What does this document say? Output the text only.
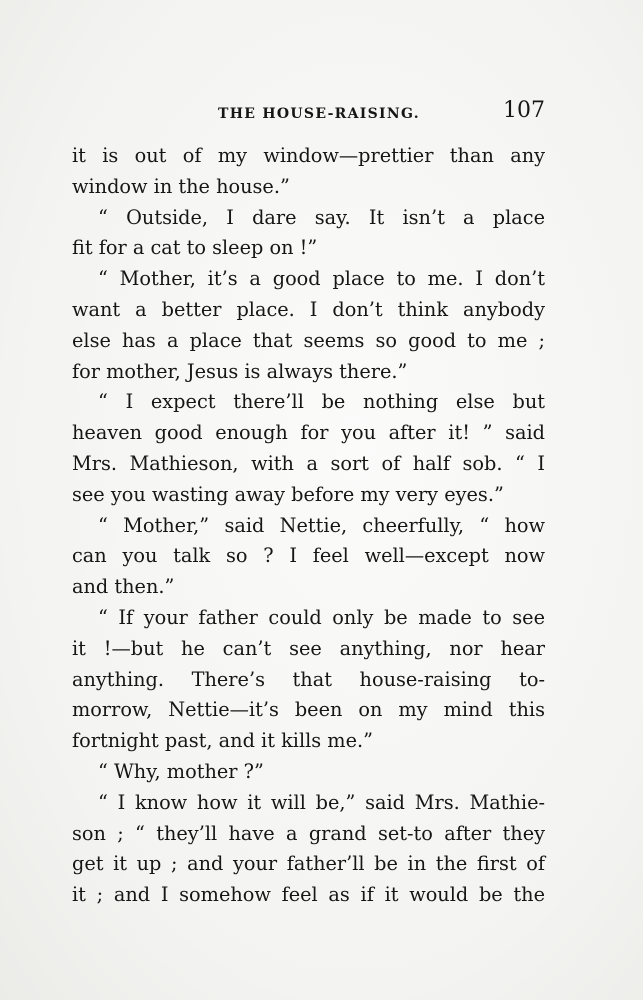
THE HOUSE-RAISING.	107
it is out of my window—prettier than any
window in the house.”
“ Outside, I dare say. It isn’t a place
fit for a cat to sleep on !”
“ Mother, it’s a good place to me. I don’t
want a better place. I don’t think anybody
else has a place that seems so good to me ;
for mother, Jesus is always there.”
“ I expect there’ll be nothing else but
heaven good enough for you after it! ” said
Mrs. Mathieson, with a sort of half sob. “ I
see you wasting away before my very eyes.”
“ Mother,” said Nettie, cheerfully, “ how
can you talk so ? I feel well—except now
and then.”
“ If your father could only be made to see
it !—but he can’t see anything, nor hear
anything. There’s that house-raising to-
morrow, Nettie—it’s been on my mind this
fortnight past, and it kills me.”
“ Why, mother ?”
“ I know how it will be,” said Mrs. Mathie-
son ; “ they’ll have a grand set-to after they
get it up ; and your father’ll be in the first of
it ; and I somehow feel as if it would be the
